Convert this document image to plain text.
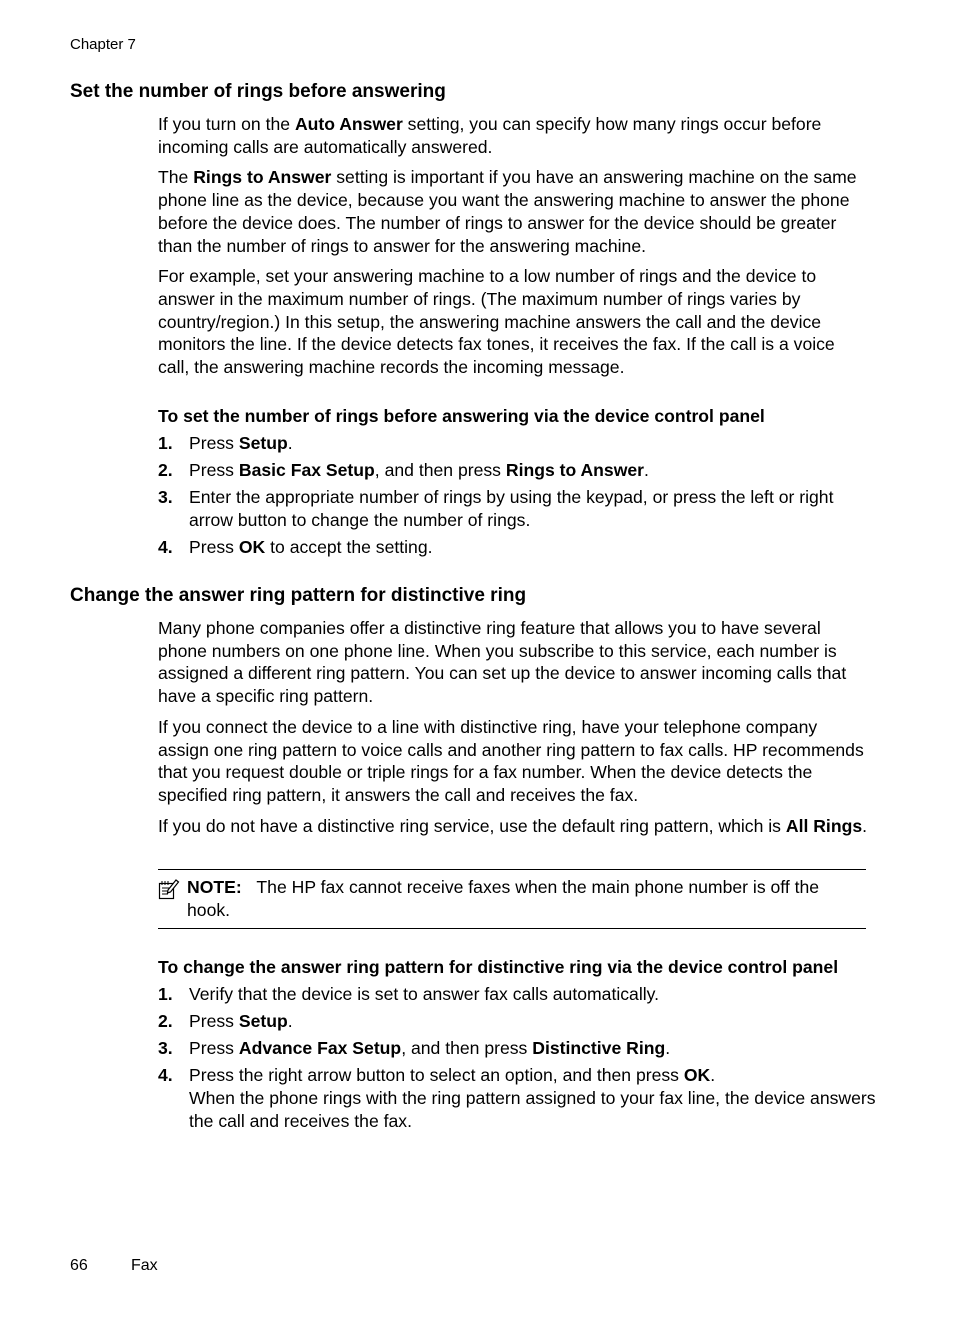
Chapter 7
Set the number of rings before answering

If you turn on the Auto Answer setting, you can specify how many rings occur before incoming calls are automatically answered.

The Rings to Answer setting is important if you have an answering machine on the same phone line as the device, because you want the answering machine to answer the phone before the device does. The number of rings to answer for the device should be greater than the number of rings to answer for the answering machine.

For example, set your answering machine to a low number of rings and the device to answer in the maximum number of rings. (The maximum number of rings varies by country/region.) In this setup, the answering machine answers the call and the device monitors the line. If the device detects fax tones, it receives the fax. If the call is a voice call, the answering machine records the incoming message.

To set the number of rings before answering via the device control panel
1. Press Setup.
2. Press Basic Fax Setup, and then press Rings to Answer.
3. Enter the appropriate number of rings by using the keypad, or press the left or right arrow button to change the number of rings.
4. Press OK to accept the setting.
Change the answer ring pattern for distinctive ring

Many phone companies offer a distinctive ring feature that allows you to have several phone numbers on one phone line. When you subscribe to this service, each number is assigned a different ring pattern. You can set up the device to answer incoming calls that have a specific ring pattern.

If you connect the device to a line with distinctive ring, have your telephone company assign one ring pattern to voice calls and another ring pattern to fax calls. HP recommends that you request double or triple rings for a fax number. When the device detects the specified ring pattern, it answers the call and receives the fax.

If you do not have a distinctive ring service, use the default ring pattern, which is All Rings.

NOTE: The HP fax cannot receive faxes when the main phone number is off the hook.
To change the answer ring pattern for distinctive ring via the device control panel
1. Verify that the device is set to answer fax calls automatically.
2. Press Setup.
3. Press Advance Fax Setup, and then press Distinctive Ring.
4. Press the right arrow button to select an option, and then press OK.
When the phone rings with the ring pattern assigned to your fax line, the device answers the call and receives the fax.
66	Fax
